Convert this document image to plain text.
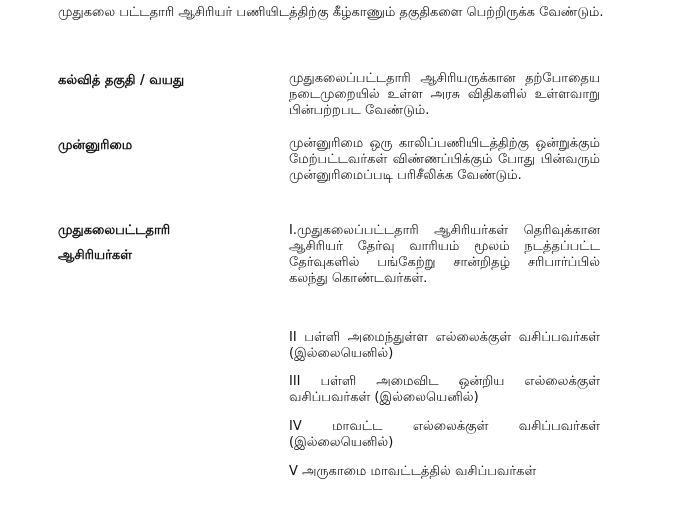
முதுகலை பட்டதாரி ஆசிரியர் பணியிடத்திற்கு கீழ்காணும் தகுதிகளை பெற்றிருக்க வேண்டும்.
கல்வித் தகுதி / வயது	முதுகலைப்பட்டதாரி ஆசிரியருக்கான தற்போதைய நடைமுறையில் உள்ள அரசு விதிகளில் உள்ளவாறு பின்பற்றபட வேண்டும்.
முன்னுரிமை	முன்னுரிமை ஒரு காலிப்பணியிடத்திற்கு ஒன்றுக்கும் மேற்பட்டவர்கள் விண்ணப்பிக்கும் போது பின்வரும் முன்னுரிமைப்படி பரிசீலிக்க வேண்டும்.
முதுகலைபட்டதாரி
ஆசிரியர்கள்
I.முதுகலைப்பட்டதாரி ஆசிரியர்கள் தெரிவுக்கான ஆசிரியர் தேர்வு வாரியம் மூலம் நடத்தப்பட்ட தேர்வுகளில் பங்கேற்று சான்றிதழ் சரிபார்ப்பில் கலந்து கொண்டவர்கள்.
II பள்ளி அமைந்துள்ள எல்லைக்குள் வசிப்பவர்கள் (இல்லையெனில்)
III பள்ளி அமைவிட ஒன்றிய எல்லைக்குள் வசிப்பவர்கள் (இல்லையெனில்)
IV மாவட்ட எல்லைக்குள் வசிப்பவர்கள் (இல்லையெனில்)
V அருகாமை மாவட்டத்தில் வசிப்பவர்கள்
